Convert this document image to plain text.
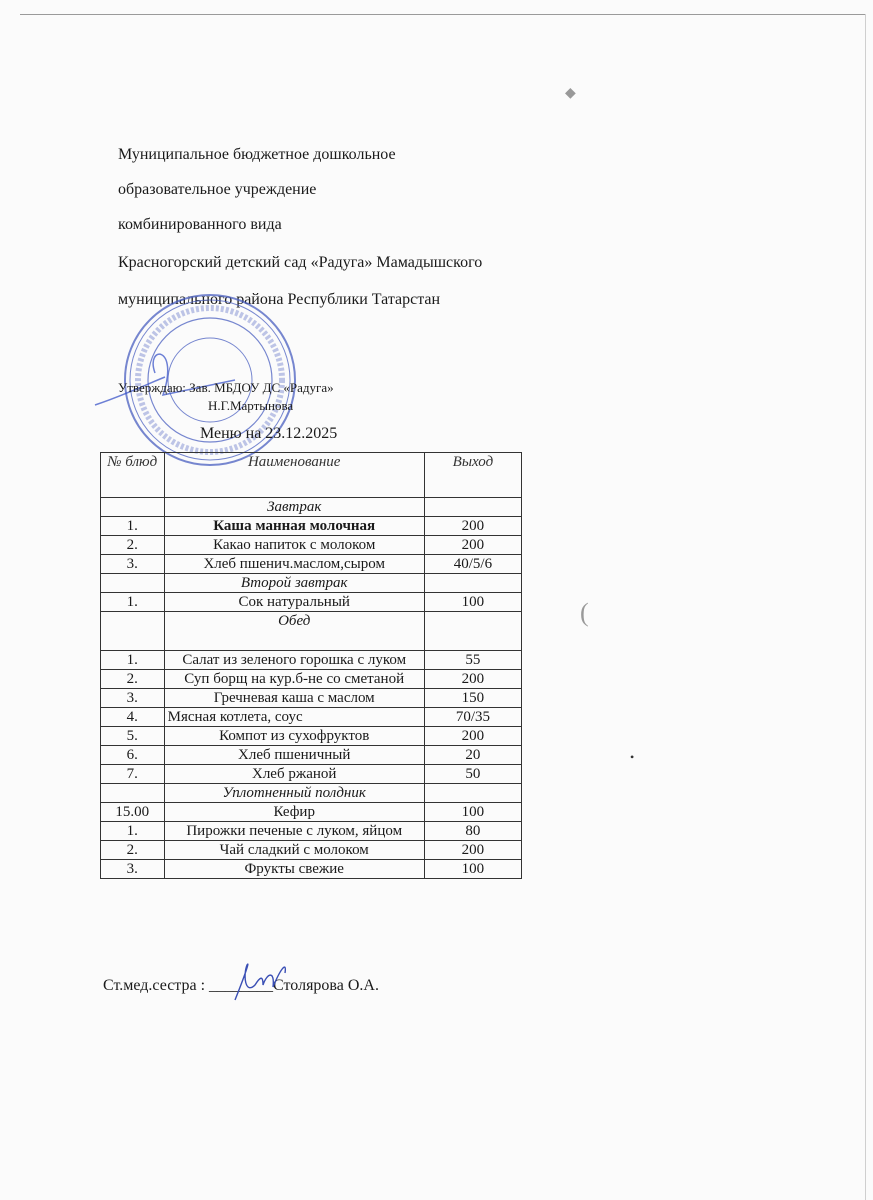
Муниципальное бюджетное дошкольное
образовательное учреждение
комбинированного вида
Красногорский детский сад «Радуга» Мамадышского
муниципального района Республики Татарстан
Утверждаю: Зав. МБДОУ ДС «Радуга»
Н.Г.Мартынова
Меню на 23.12.2025
№ блюд	Наименование	Выход
	Завтрак	
1.	Каша манная молочная	200
2.	Какао напиток с молоком	200
3.	Хлеб пшенич.маслом,сыром	40/5/6
	Второй завтрак	
1.	Сок натуральный	100
	Обед	
1.	Салат из зеленого горошка с луком	55
2.	Суп борщ на кур.б-не со сметаной	200
3.	Гречневая каша с маслом	150
4.	Мясная котлета, соус	70/35
5.	Компот из сухофруктов	200
6.	Хлеб пшеничный	20
7.	Хлеб ржаной	50
	Уплотненный полдник	
15.00	Кефир	100
1.	Пирожки печеные с луком, яйцом	80
2.	Чай сладкий с молоком	200
3.	Фрукты свежие	100
Ст.мед.сестра : ________Столярова О.А.
◆
(
•
